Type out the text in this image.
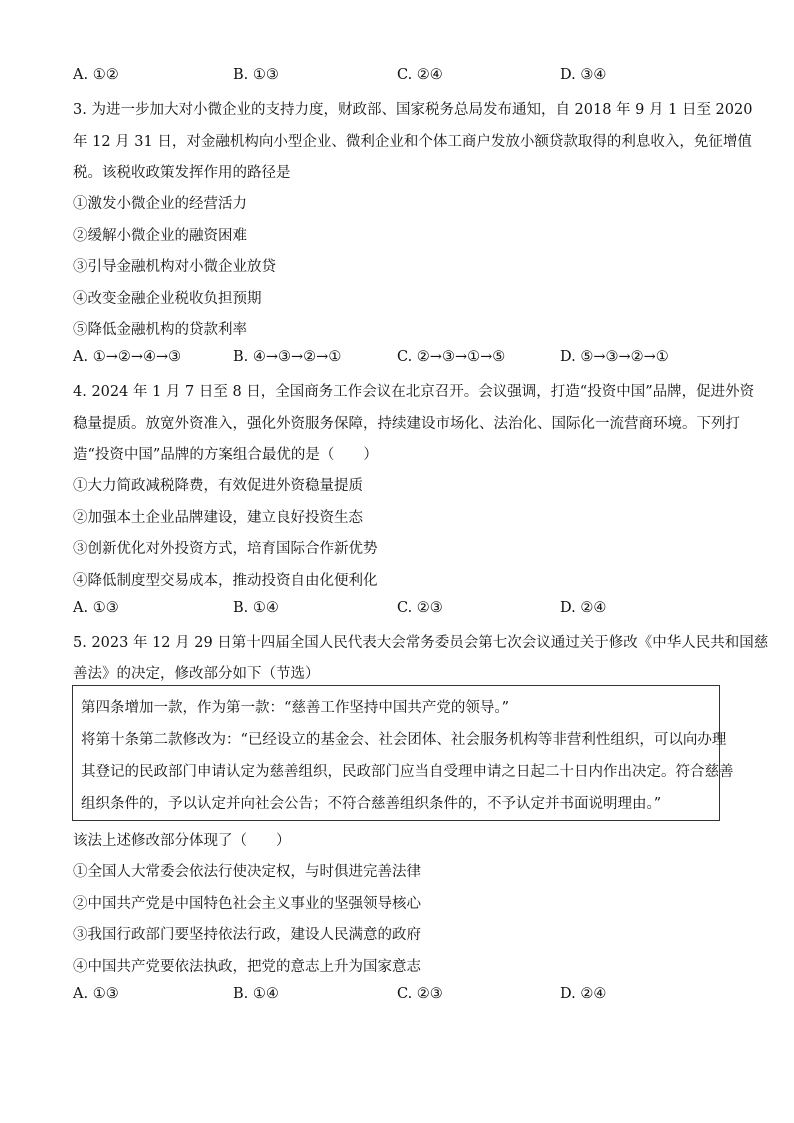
A. ①②	B. ①③	C. ②④	D. ③④
3. 为进一步加大对小微企业的支持力度，财政部、国家税务总局发布通知，自 2018 年 9 月 1 日至 2020
年 12 月 31 日，对金融机构向小型企业、微利企业和个体工商户发放小额贷款取得的利息收入，免征增值
税。该税收政策发挥作用的路径是
①激发小微企业的经营活力
②缓解小微企业的融资困难
③引导金融机构对小微企业放贷
④改变金融企业税收负担预期
⑤降低金融机构的贷款利率
A. ①→②→④→③	B. ④→③→②→①	C. ②→③→①→⑤	D. ⑤→③→②→①
4. 2024 年 1 月 7 日至 8 日，全国商务工作会议在北京召开。会议强调，打造“投资中国”品牌，促进外资
稳量提质。放宽外资准入，强化外资服务保障，持续建设市场化、法治化、国际化一流营商环境。下列打
造“投资中国”品牌的方案组合最优的是（　　）
①大力简政减税降费，有效促进外资稳量提质
②加强本土企业品牌建设，建立良好投资生态
③创新优化对外投资方式，培育国际合作新优势
④降低制度型交易成本，推动投资自由化便利化
A. ①③	B. ①④	C. ②③	D. ②④
5. 2023 年 12 月 29 日第十四届全国人民代表大会常务委员会第七次会议通过关于修改《中华人民共和国慈
善法》的决定，修改部分如下（节选）
第四条增加一款，作为第一款：“慈善工作坚持中国共产党的领导。”
将第十条第二款修改为：“已经设立的基金会、社会团体、社会服务机构等非营利性组织，可以向办理
其登记的民政部门申请认定为慈善组织，民政部门应当自受理申请之日起二十日内作出决定。符合慈善
组织条件的，予以认定并向社会公告；不符合慈善组织条件的，不予认定并书面说明理由。”
该法上述修改部分体现了（　　）
①全国人大常委会依法行使决定权，与时俱进完善法律
②中国共产党是中国特色社会主义事业的坚强领导核心
③我国行政部门要坚持依法行政，建设人民满意的政府
④中国共产党要依法执政，把党的意志上升为国家意志
A. ①③	B. ①④	C. ②③	D. ②④
